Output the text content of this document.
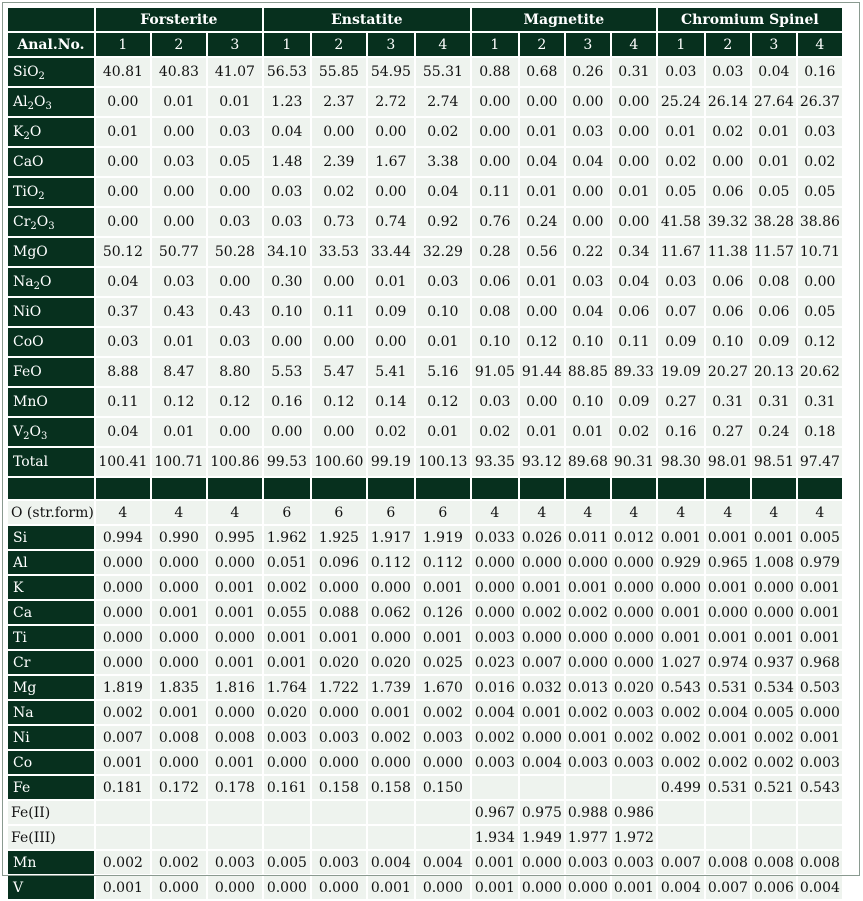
	Forsterite			Enstatite				Magnetite				Chromium Spinel			
Anal.No.	1	2	3	1	2	3	4	1	2	3	4	1	2	3	4
SiO$_2$	40.81	40.83	41.07	56.53	55.85	54.95	55.31	0.88	0.68	0.26	0.31	0.03	0.03	0.04	0.16
$Al_2O_3$	0.00	0.01	0.01	1.23	2.37	2.72	2.74	0.00	0.00	0.00	0.00	25.24	26.14	27.64	26.37
$K_2O$	0.01	0.00	0.03	0.04	0.00	0.00	0.02	0.00	0.01	0.03	0.00	0.01	0.02	0.01	0.03
CaO	0.00	0.03	0.05	1.48	2.39	1.67	3.38	0.00	0.04	0.04	0.00	0.02	0.00	0.01	0.02
TiO$_2$	0.00	0.00	0.00	0.03	0.02	0.00	0.04	0.11	0.01	0.00	0.01	0.05	0.06	0.05	0.05
$Cr_2O_3$	0.00	0.00	0.03	0.03	0.73	0.74	0.92	0.76	0.24	0.00	0.00	41.58	39.32	38.28	38.86
MgO	50.12	50.77	50.28	34.10	33.53	33.44	32.29	0.28	0.56	0.22	0.34	11.67	11.38	11.57	10.71
$Na_2O$	0.04	0.03	0.00	0.30	0.00	0.01	0.03	0.06	0.01	0.03	0.04	0.03	0.06	0.08	0.00
NiO	0.37	0.43	0.43	0.10	0.11	0.09	0.10	0.08	0.00	0.04	0.06	0.07	0.06	0.06	0.05
CoO	0.03	0.01	0.03	0.00	0.00	0.00	0.01	0.10	0.12	0.10	0.11	0.09	0.10	0.09	0.12
FeO	8.88	8.47	8.80	5.53	5.47	5.41	5.16	91.05	91.44	88.85	89.33	19.09	20.27	20.13	20.62
MnO	0.11	0.12	0.12	0.16	0.12	0.14	0.12	0.03	0.00	0.10	0.09	0.27	0.31	0.31	0.31
$V_2O_3$	0.04	0.01	0.00	0.00	0.00	0.02	0.01	0.02	0.01	0.01	0.02	0.16	0.27	0.24	0.18
Total	100.41	100.71	100.86	99.53	100.60	99.19	100.13	93.35	93.12	89.68	90.31	98.30	98.01	98.51	97.47

O (str.form)	4	4	4	6	6	6	6	4	4	4	4	4	4	4	4
Si	0.994	0.990	0.995	1.962	1.925	1.917	1.919	0.033	0.026	0.011	0.012	0.001	0.001	0.001	0.005
Al	0.000	0.000	0.000	0.051	0.096	0.112	0.112	0.000	0.000	0.000	0.000	0.929	0.965	1.008	0.979
K	0.000	0.000	0.001	0.002	0.000	0.000	0.001	0.000	0.001	0.001	0.000	0.000	0.001	0.000	0.001
Ca	0.000	0.001	0.001	0.055	0.088	0.062	0.126	0.000	0.002	0.002	0.000	0.001	0.000	0.000	0.001
Ti	0.000	0.000	0.000	0.001	0.001	0.000	0.001	0.003	0.000	0.000	0.000	0.001	0.001	0.001	0.001
Cr	0.000	0.000	0.001	0.001	0.020	0.020	0.025	0.023	0.007	0.000	0.000	1.027	0.974	0.937	0.968
Mg	1.819	1.835	1.816	1.764	1.722	1.739	1.670	0.016	0.032	0.013	0.020	0.543	0.531	0.534	0.503
Na	0.002	0.001	0.000	0.020	0.000	0.001	0.002	0.004	0.001	0.002	0.003	0.002	0.004	0.005	0.000
Ni	0.007	0.008	0.008	0.003	0.003	0.002	0.003	0.002	0.000	0.001	0.002	0.002	0.001	0.002	0.001
Co	0.001	0.000	0.001	0.000	0.000	0.000	0.000	0.003	0.004	0.003	0.003	0.002	0.002	0.002	0.003
Fe	0.181	0.172	0.178	0.161	0.158	0.158	0.150					0.499	0.531	0.521	0.543
Fe(II)								0.967	0.975	0.988	0.986				
Fe(III)								1.934	1.949	1.977	1.972				
Mn	0.002	0.002	0.003	0.005	0.003	0.004	0.004	0.001	0.000	0.003	0.003	0.007	0.008	0.008	0.008
V	0.001	0.000	0.000	0.000	0.000	0.001	0.000	0.001	0.000	0.000	0.001	0.004	0.007	0.006	0.004
